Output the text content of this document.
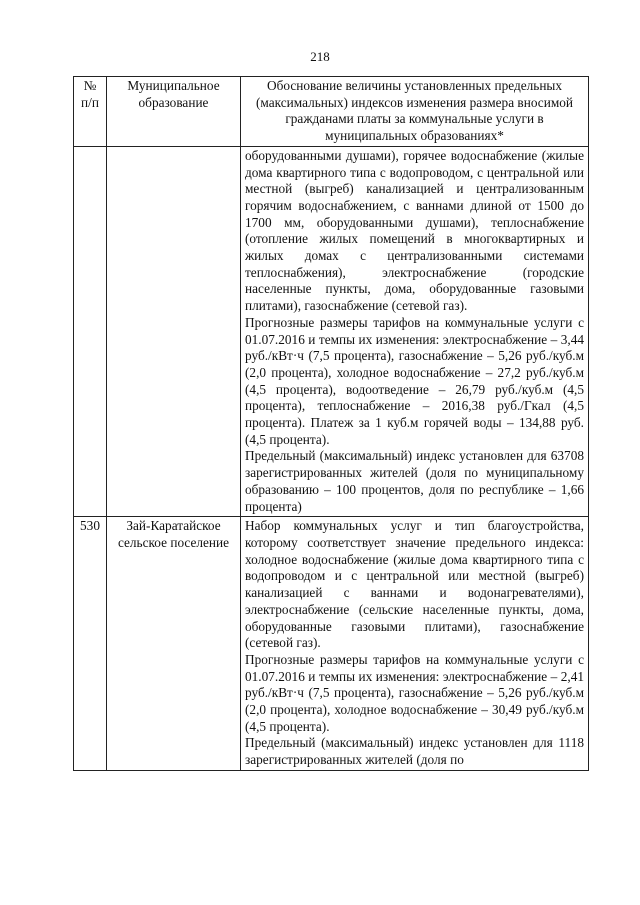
218
№ п/п	Муниципальное образование	Обоснование величины установленных предельных (максимальных) индексов изменения размера вносимой гражданами платы за коммунальные услуги в муниципальных образованиях*

		оборудованными душами), горячее водоснабжение (жилые дома квартирного типа с водопроводом, с центральной или местной (выгреб) канализацией и централизованным горячим водоснабжением, с ваннами длиной от 1500 до 1700 мм, оборудованными душами), теплоснабжение (отопление жилых помещений в многоквартирных и жилых домах с централизованными системами теплоснабжения), электроснабжение (городские населенные пункты, дома, оборудованные газовыми плитами), газоснабжение (сетевой газ).

Прогнозные размеры тарифов на коммунальные услуги с 01.07.2016 и темпы их изменения: электроснабжение – 3,44 руб./кВт·ч (7,5 процента), газоснабжение – 5,26 руб./куб.м (2,0 процента), холодное водоснабжение – 27,2 руб./куб.м (4,5 процента), водоотведение – 26,79 руб./куб.м (4,5 процента), теплоснабжение – 2016,38 руб./Гкал (4,5 процента). Платеж за 1 куб.м горячей воды – 134,88 руб. (4,5 процента).

Предельный (максимальный) индекс установлен для 63708 зарегистрированных жителей (доля по муниципальному образованию – 100 процентов, доля по республике – 1,66 процента)

530	Зай-Каратайское сельское поселение	Набор коммунальных услуг и тип благоустройства, которому соответствует значение предельного индекса: холодное водоснабжение (жилые дома квартирного типа с водопроводом и с центральной или местной (выгреб) канализацией с ваннами и водонагревателями), электроснабжение (сельские населенные пункты, дома, оборудованные газовыми плитами), газоснабжение (сетевой газ).

Прогнозные размеры тарифов на коммунальные услуги с 01.07.2016 и темпы их изменения: электроснабжение – 2,41 руб./кВт·ч (7,5 процента), газоснабжение – 5,26 руб./куб.м (2,0 процента), холодное водоснабжение – 30,49 руб./куб.м (4,5 процента).

Предельный (максимальный) индекс установлен для 1118 зарегистрированных жителей (доля по
